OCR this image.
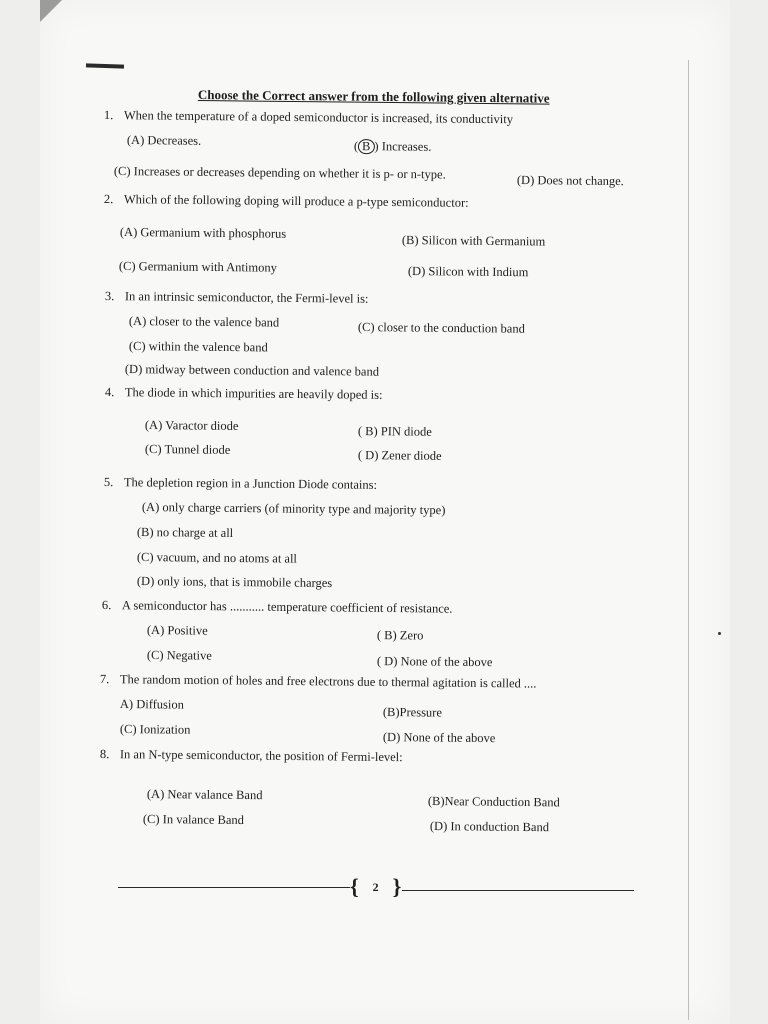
Choose the Correct answer from the following given alternative
1. When the temperature of a doped semiconductor is increased, its conductivity
(A) Decreases.	( B ) Increases.
(C) Increases or decreases depending on whether it is p- or n-type.	(D) Does not change.
2. Which of the following doping will produce a p-type semiconductor:
(A) Germanium with phosphorus
(B) Silicon with Germanium
(C) Germanium with Antimony	(D) Silicon with Indium
3. In an intrinsic semiconductor, the Fermi-level is:
(A) closer to the valence band	(C) closer to the conduction band
(C) within the valence band
(D) midway between conduction and valence band
4. The diode in which impurities are heavily doped is:
(A) Varactor diode	( B) PIN diode
(C) Tunnel diode	( D) Zener diode
5. The depletion region in a Junction Diode contains:
(A) only charge carriers (of minority type and majority type)
(B) no charge at all
(C) vacuum, and no atoms at all
(D) only ions, that is immobile charges
6. A semiconductor has ........... temperature coefficient of resistance.
(A) Positive	( B) Zero
(C) Negative	( D) None of the above
7. The random motion of holes and free electrons due to thermal agitation is called ....
A) Diffusion
(B)Pressure
(C) Ionization
(D) None of the above
8. In an N-type semiconductor, the position of Fermi-level:
(A) Near valance Band	(B)Near Conduction Band
(C) In valance Band	(D) In conduction Band
{ 2 }
